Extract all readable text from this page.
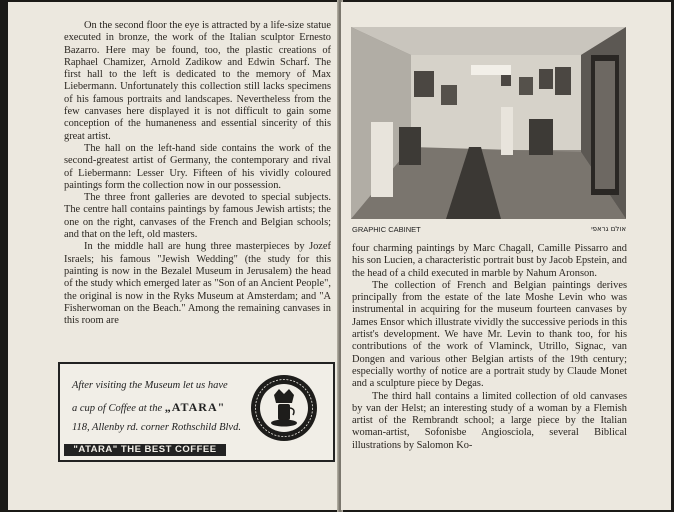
On the second floor the eye is attracted by a life-size statue executed in bronze, the work of the Italian sculptor Ernesto Bazarro. Here may be found, too, the plastic creations of Raphael Chamizer, Arnold Zadikow and Edwin Scharf. The first hall to the left is dedicated to the memory of Max Liebermann. Unfortunately this collection still lacks specimens of his famous portraits and landscapes. Nevertheless from the few canvases here displayed it is not difficult to gain some conception of the humaneness and essential sincerity of this great artist.

The hall on the left-hand side contains the work of the second-greatest artist of Germany, the contemporary and rival of Liebermann: Lesser Ury. Fifteen of his vividly coloured paintings form the collection now in our possession.

The three front galleries are devoted to special subjects. The centre hall contains paintings by famous Jewish artists; the one on the right, canvases of the French and Belgian schools; and that on the left, old masters.

In the middle hall are hung three masterpieces by Jozef Israels; his famous "Jewish Wedding" (the study for this painting is now in the Bezalel Museum in Jerusalem) the head of the study which emerged later as "Son of an Ancient People", the original is now in the Ryks Museum at Amsterdam; and "A Fisherwoman on the Beach." Among the remaining canvases in this room are

After visiting the Museum let us have
a cup of Coffee at the „ATARA"
118, Allenby rd. corner Rothschild Blvd.
"ATARA" THE BEST COFFEE
GRAPHIC CABINET	אולם גראפי

four charming paintings by Marc Chagall, Camille Pissarro and his son Lucien, a characteristic portrait bust by Jacob Epstein, and the head of a child executed in marble by Nahum Aronson.

The collection of French and Belgian paintings derives principally from the estate of the late Moshe Levin who was instrumental in acquiring for the museum fourteen canvases by James Ensor which illustrate vividly the successive periods in this artist's development. We have Mr. Levin to thank too, for his contributions of the work of Vlaminck, Utrillo, Signac, van Dongen and various other Belgian artists of the 19th century; especially worthy of notice are a portrait study by Claude Monet and a sculpture piece by Degas.

The third hall contains a limited collection of old canvases by van der Helst; an interesting study of a woman by a Flemish artist of the Rembrandt school; a large piece by the Italian woman-artist, Sofonisbe Angiosciola, several Biblical illustrations by Salomon Ko-
